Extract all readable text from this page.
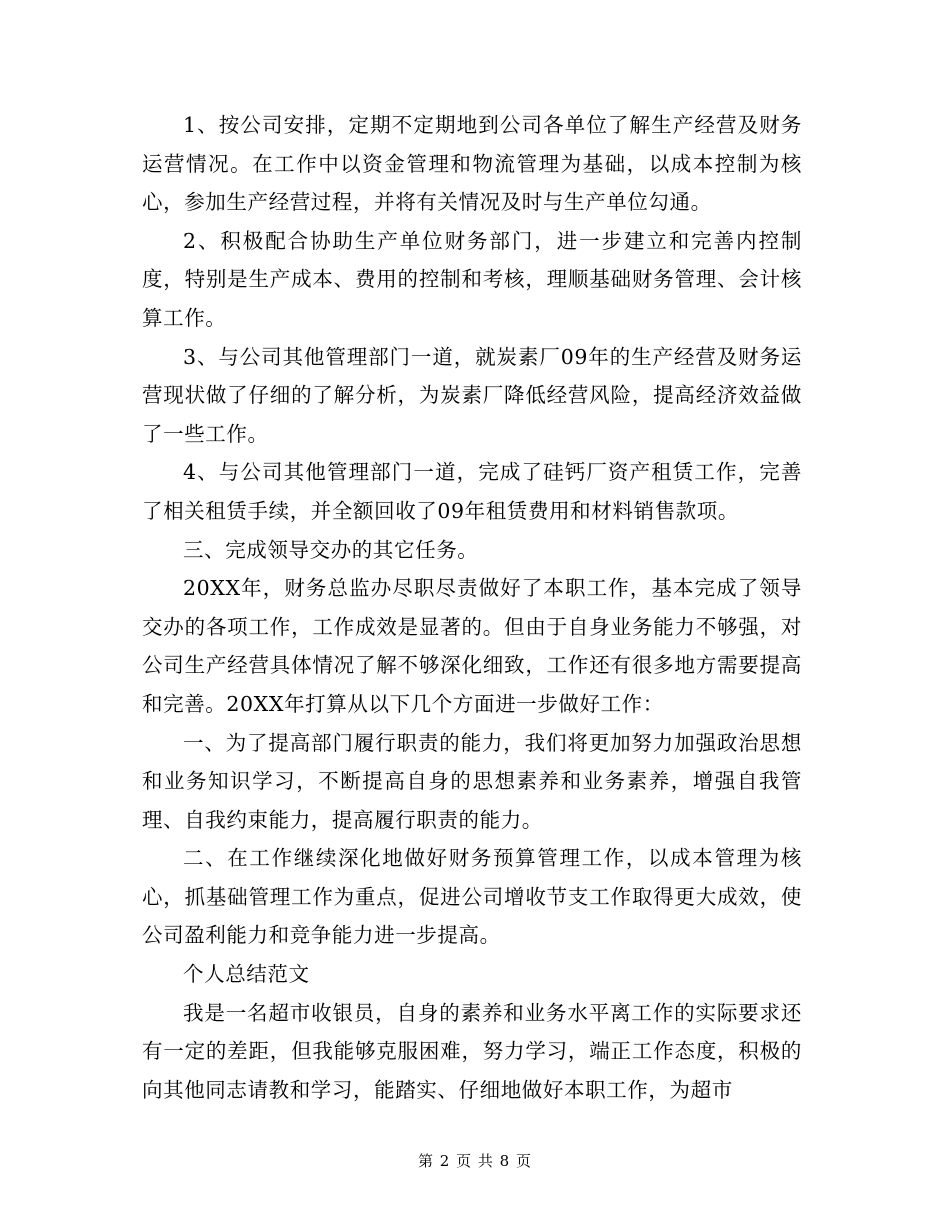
1、按公司安排，定期不定期地到公司各单位了解生产经营及财务运营情况。在工作中以资金管理和物流管理为基础，以成本控制为核心，参加生产经营过程，并将有关情况及时与生产单位勾通。

2、积极配合协助生产单位财务部门，进一步建立和完善内控制度，特别是生产成本、费用的控制和考核，理顺基础财务管理、会计核算工作。

3、与公司其他管理部门一道，就炭素厂09年的生产经营及财务运营现状做了仔细的了解分析，为炭素厂降低经营风险，提高经济效益做了一些工作。

4、与公司其他管理部门一道，完成了硅钙厂资产租赁工作，完善了相关租赁手续，并全额回收了09年租赁费用和材料销售款项。

三、完成领导交办的其它任务。

20XX年，财务总监办尽职尽责做好了本职工作，基本完成了领导交办的各项工作，工作成效是显著的。但由于自身业务能力不够强，对公司生产经营具体情况了解不够深化细致，工作还有很多地方需要提高和完善。20XX年打算从以下几个方面进一步做好工作：

一、为了提高部门履行职责的能力，我们将更加努力加强政治思想和业务知识学习，不断提高自身的思想素养和业务素养，增强自我管理、自我约束能力，提高履行职责的能力。

二、在工作继续深化地做好财务预算管理工作，以成本管理为核心，抓基础管理工作为重点，促进公司增收节支工作取得更大成效，使公司盈利能力和竞争能力进一步提高。

个人总结范文

我是一名超市收银员，自身的素养和业务水平离工作的实际要求还有一定的差距，但我能够克服困难，努力学习，端正工作态度，积极的向其他同志请教和学习，能踏实、仔细地做好本职工作，为超市

第 2 页 共 8 页
